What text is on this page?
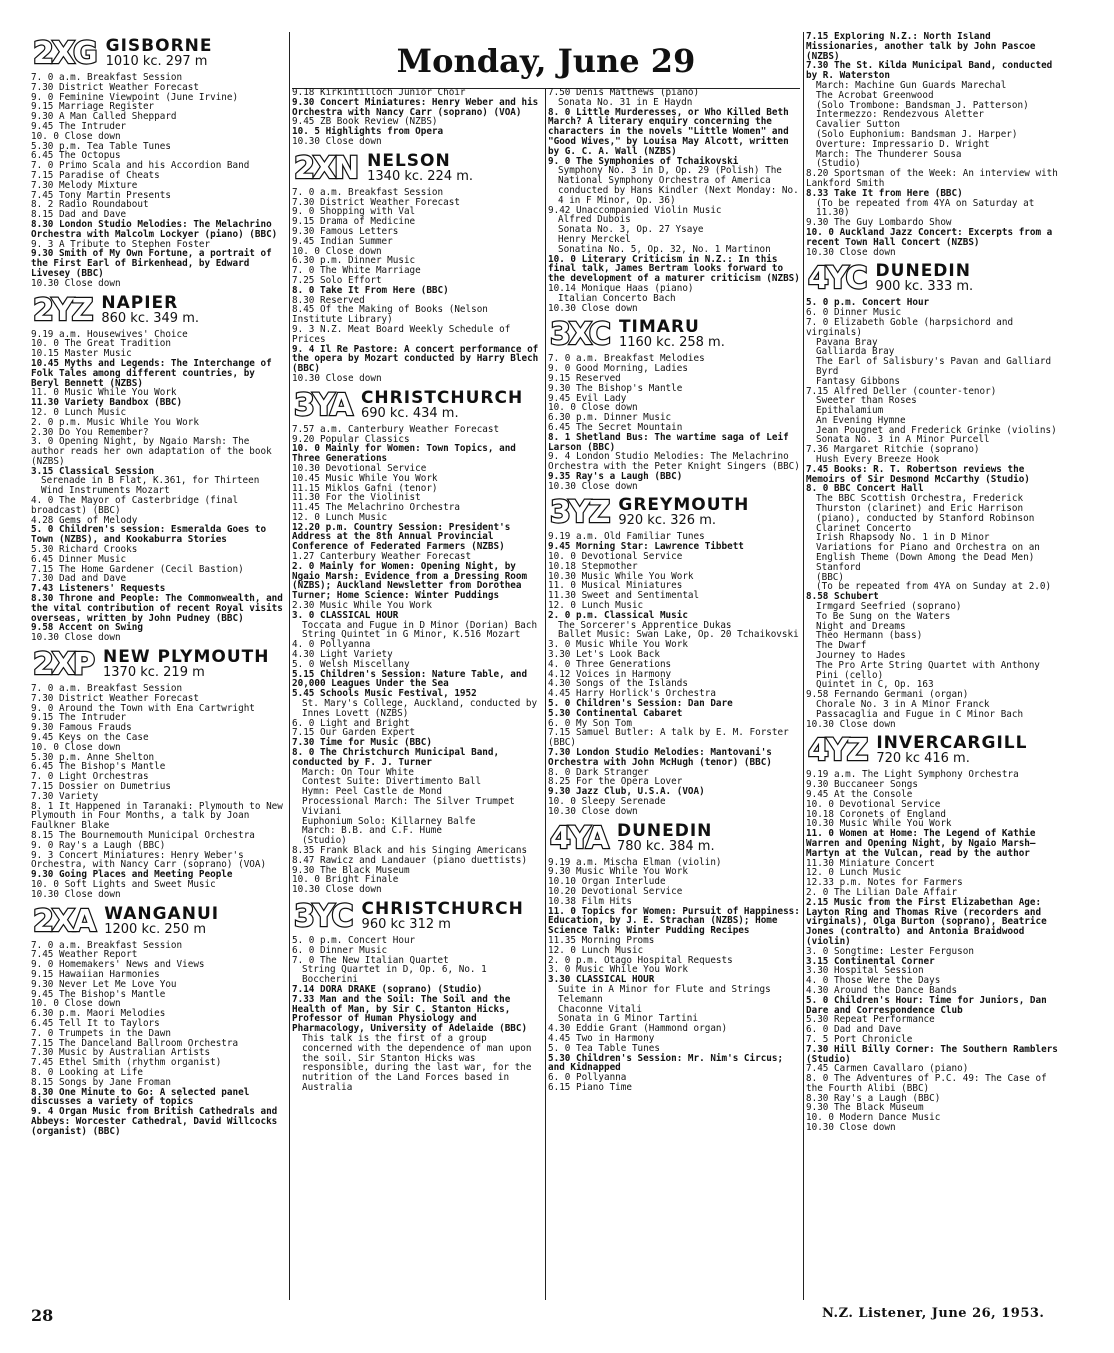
Monday, June 29
2XG GISBORNE
1010 kc. 297 m
7. 0 a.m. Breakfast Session
7.30 District Weather Forecast
9. 0 Feminine Viewpoint (June Irvine)
9.15 Marriage Register
9.30 A Man Called Sheppard
9.45 The Intruder
10. 0 Close down
5.30 p.m. Tea Table Tunes
6.45 The Octopus
7. 0 Primo Scala and his Accordion Band
7.15 Paradise of Cheats
7.30 Melody Mixture
7.45 Tony Martin Presents
8. 2 Radio Roundabout
8.15 Dad and Dave
8.30 London Studio Melodies: The Melachrino Orchestra with Malcolm Lockyer (piano) (BBC)
9. 3 A Tribute to Stephen Foster
9.30 Smith of My Own Fortune, a portrait of the First Earl of Birkenhead, by Edward Livesey (BBC)
10.30 Close down
2YZ NAPIER
860 kc. 349 m.
9.19 a.m. Housewives' Choice
10. 0 The Great Tradition
10.15 Master Music
10.45 Myths and Legends: The Interchange of Folk Tales among different countries, by Beryl Bennett (NZBS)
11. 0 Music While You Work
11.30 Variety Bandbox (BBC)
12. 0 Lunch Music
2. 0 p.m. Music While You Work
2.30 Do You Remember?
3. 0 Opening Night, by Ngaio Marsh: The author reads her own adaptation of the book (NZBS)
3.15 Classical Session
Serenade in B Flat, K.361, for Thirteen Wind Instruments Mozart
4. 0 The Mayor of Casterbridge (final broadcast) (BBC)
4.28 Gems of Melody
5. 0 Children's session: Esmeralda Goes to Town (NZBS), and Kookaburra Stories
5.30 Richard Crooks
6.45 Dinner Music
7.15 The Home Gardener (Cecil Bastion)
7.30 Dad and Dave
7.43 Listeners' Requests
8.30 Throne and People: The Commonwealth, and the vital contribution of recent Royal visits overseas, written by John Pudney (BBC)
9.58 Accent on Swing
10.30 Close down
2XP NEW PLYMOUTH
1370 kc. 219 m
7. 0 a.m. Breakfast Session
7.30 District Weather Forecast
9. 0 Around the Town with Ena Cartwright
9.15 The Intruder
9.30 Famous Frauds
9.45 Keys on the Case
10. 0 Close down
5.30 p.m. Anne Shelton
6.45 The Bishop's Mantle
7. 0 Light Orchestras
7.15 Dossier on Dumetrius
7.30 Variety
8. 1 It Happened in Taranaki: Plymouth to New Plymouth in Four Months, a talk by Joan Faulkner Blake
8.15 The Bournemouth Municipal Orchestra
9. 0 Ray's a Laugh (BBC)
9. 3 Concert Miniatures: Henry Weber's Orchestra, with Nancy Carr (soprano) (VOA)
9.30 Going Places and Meeting People
10. 0 Soft Lights and Sweet Music
10.30 Close down
2XA WANGANUI
1200 kc. 250 m
7. 0 a.m. Breakfast Session
7.45 Weather Report
9. 0 Homemakers' News and Views
9.15 Hawaiian Harmonies
9.30 Never Let Me Love You
9.45 The Bishop's Mantle
10. 0 Close down
6.30 p.m. Maori Melodies
6.45 Tell It to Taylors
7. 0 Trumpets in the Dawn
7.15 The Danceland Ballroom Orchestra
7.30 Music by Australian Artists
7.45 Ethel Smith (rhythm organist)
8. 0 Looking at Life
8.15 Songs by Jane Froman
8.30 One Minute to Go: A selected panel discusses a variety of topics
9. 4 Organ Music from British Cathedrals and Abbeys: Worcester Cathedral, David Willcocks (organist) (BBC)
9.18 Kirkintilloch Junior Choir
9.30 Concert Miniatures: Henry Weber and his Orchestra with Nancy Carr (soprano) (VOA)
9.45 ZB Book Review (NZBS)
10. 5 Highlights from Opera
10.30 Close down
2XN NELSON
1340 kc. 224 m.
7. 0 a.m. Breakfast Session
7.30 District Weather Forecast
9. 0 Shopping with Val
9.15 Drama of Medicine
9.30 Famous Letters
9.45 Indian Summer
10. 0 Close down
6.30 p.m. Dinner Music
7. 0 The White Marriage
7.25 Solo Effort
8. 0 Take It From Here (BBC)
8.30 Reserved
8.45 Of the Making of Books (Nelson Institute Library)
9. 3 N.Z. Meat Board Weekly Schedule of Prices
9. 4 Il Re Pastore: A concert performance of the opera by Mozart conducted by Harry Blech (BBC)
10.30 Close down
3YA CHRISTCHURCH
690 kc. 434 m.
7.57 a.m. Canterbury Weather Forecast
9.20 Popular Classics
10. 0 Mainly for Women: Town Topics, and Three Generations
10.30 Devotional Service
10.45 Music While You Work
11.15 Miklos Gafni (tenor)
11.30 For the Violinist
11.45 The Melachrino Orchestra
12. 0 Lunch Music
12.20 p.m. Country Session: President's Address at the 8th Annual Provincial Conference of Federated Farmers (NZBS)
1.27 Canterbury Weather Forecast
2. 0 Mainly for Women: Opening Night, by Ngaio Marsh: Evidence from a Dressing Room (NZBS); Auckland Newsletter from Dorothea Turner; Home Science: Winter Puddings
2.30 Music While You Work
3. 0 CLASSICAL HOUR
Toccata and Fugue in D Minor (Dorian) Bach
String Quintet in G Minor, K.516 Mozart
4. 0 Pollyanna
4.30 Light Variety
5. 0 Welsh Miscellany
5.15 Children's Session: Nature Table, and 20,000 Leagues Under the Sea
5.45 Schools Music Festival, 1952
St. Mary's College, Auckland, conducted by Innes Lovett (NZBS)
6. 0 Light and Bright
7.15 Our Garden Expert
7.30 Time for Music (BBC)
8. 0 The Christchurch Municipal Band, conducted by F. J. Turner
March: On Tour White
Contest Suite: Divertimento Ball
Hymn: Peel Castle de Mond
Processional March: The Silver Trumpet Viviani
Euphonium Solo: Killarney Balfe
March: B.B. and C.F. Hume
(Studio)
8.35 Frank Black and his Singing Americans
8.47 Rawicz and Landauer (piano duettists)
9.30 The Black Museum
10. 0 Bright Finale
10.30 Close down
3YC CHRISTCHURCH
960 kc 312 m
5. 0 p.m. Concert Hour
6. 0 Dinner Music
7. 0 The New Italian Quartet
String Quartet in D, Op. 6, No. 1 Boccherini
7.14 DORA DRAKE (soprano) (Studio)
7.33 Man and the Soil: The Soil and the Health of Man, by Sir C. Stanton Hicks, Professor of Human Physiology and Pharmacology, University of Adelaide (BBC)
This talk is the first of a group concerned with the dependence of man upon the soil. Sir Stanton Hicks was responsible, during the last war, for the nutrition of the Land Forces based in Australia
7.50 Denis Matthews (piano)
Sonata No. 31 in E Haydn
8. 0 Little Murderesses, or Who Killed Beth March? A literary enquiry concerning the characters in the novels "Little Women" and "Good Wives," by Louisa May Alcott, written by G. C. A. Wall (NZBS)
9. 0 The Symphonies of Tchaikovski
Symphony No. 3 in D, Op. 29 (Polish) The National Symphony Orchestra of America conducted by Hans Kindler (Next Monday: No. 4 in F Minor, Op. 36)
9.42 Unaccompanied Violin Music
Alfred Dubois
Sonata No. 3, Op. 27 Ysaye
Henry Merckel
Sonatina No. 5, Op. 32, No. 1 Martinon
10. 0 Literary Criticism in N.Z.: In this final talk, James Bertram looks forward to the development of a maturer criticism (NZBS)
10.14 Monique Haas (piano)
Italian Concerto Bach
10.30 Close down
3XC TIMARU
1160 kc. 258 m.
7. 0 a.m. Breakfast Melodies
9. 0 Good Morning, Ladies
9.15 Reserved
9.30 The Bishop's Mantle
9.45 Evil Lady
10. 0 Close down
6.30 p.m. Dinner Music
6.45 The Secret Mountain
8. 1 Shetland Bus: The wartime saga of Leif Larson (BBC)
9. 4 London Studio Melodies: The Melachrino Orchestra with the Peter Knight Singers (BBC)
9.35 Ray's a Laugh (BBC)
10.30 Close down
3YZ GREYMOUTH
920 kc. 326 m.
9.19 a.m. Old Familiar Tunes
9.45 Morning Star: Lawrence Tibbett
10. 0 Devotional Service
10.18 Stepmother
10.30 Music While You Work
11. 0 Musical Miniatures
11.30 Sweet and Sentimental
12. 0 Lunch Music
2. 0 p.m. Classical Music
The Sorcerer's Apprentice Dukas
Ballet Music: Swan Lake, Op. 20 Tchaikovski
3. 0 Music While You Work
3.30 Let's Look Back
4. 0 Three Generations
4.12 Voices in Harmony
4.30 Songs of the Islands
4.45 Harry Horlick's Orchestra
5. 0 Children's Session: Dan Dare
5.30 Continental Cabaret
6. 0 My Son Tom
7.15 Samuel Butler: A talk by E. M. Forster (BBC)
7.30 London Studio Melodies: Mantovani's Orchestra with John McHugh (tenor) (BBC)
8. 0 Dark Stranger
8.25 For the Opera Lover
9.30 Jazz Club, U.S.A. (VOA)
10. 0 Sleepy Serenade
10.30 Close down
4YA DUNEDIN
780 kc. 384 m.
9.19 a.m. Mischa Elman (violin)
9.30 Music While You Work
10.10 Organ Interlude
10.20 Devotional Service
10.38 Film Hits
11. 0 Topics for Women: Pursuit of Happiness: Education, by J. E. Strachan (NZBS); Home Science Talk: Winter Pudding Recipes
11.35 Morning Proms
12. 0 Lunch Music
2. 0 p.m. Otago Hospital Requests
3. 0 Music While You Work
3.30 CLASSICAL HOUR
Suite in A Minor for Flute and Strings Telemann
Chaconne Vitali
Sonata in G Minor Tartini
4.30 Eddie Grant (Hammond organ)
4.45 Two in Harmony
5. 0 Tea Table Tunes
5.30 Children's Session: Mr. Nim's Circus; and Kidnapped
6. 0 Pollyanna
6.15 Piano Time
7.15 Exploring N.Z.: North Island Missionaries, another talk by John Pascoe (NZBS)
7.30 The St. Kilda Municipal Band, conducted by R. Waterston
March: Machine Gun Guards Marechal
The Acrobat Greenwood
(Solo Trombone: Bandsman J. Patterson)
Intermezzo: Rendezvous Aletter
Cavalier Sutton
(Solo Euphonium: Bandsman J. Harper)
Overture: Impressario D. Wright
March: The Thunderer Sousa
(Studio)
8.20 Sportsman of the Week: An interview with Lankford Smith
8.33 Take It from Here (BBC)
(To be repeated from 4YA on Saturday at 11.30)
9.30 The Guy Lombardo Show
10. 0 Auckland Jazz Concert: Excerpts from a recent Town Hall Concert (NZBS)
10.30 Close down
4YC DUNEDIN
900 kc. 333 m.
5. 0 p.m. Concert Hour
6. 0 Dinner Music
7. 0 Elizabeth Goble (harpsichord and virginals)
Pavana Bray
Galliarda Bray
The Earl of Salisbury's Pavan and Galliard Byrd
Fantasy Gibbons
7.15 Alfred Deller (counter-tenor)
Sweeter than Roses
Epithalamium
An Evening Hymne
Jean Pougnet and Frederick Grinke (violins)
Sonata No. 3 in A Minor Purcell
7.36 Margaret Ritchie (soprano)
Hush Every Breeze Hook
7.45 Books: R. T. Robertson reviews the Memoirs of Sir Desmond McCarthy (Studio)
8. 0 BBC Concert Hall
The BBC Scottish Orchestra, Frederick Thurston (clarinet) and Eric Harrison (piano), conducted by Stanford Robinson
Clarinet Concerto
Irish Rhapsody No. 1 in D Minor
Variations for Piano and Orchestra on an English Theme (Down Among the Dead Men) Stanford
(BBC)
(To be repeated from 4YA on Sunday at 2.0)
8.58 Schubert
Irmgard Seefried (soprano)
To Be Sung on the Waters
Night and Dreams
Theo Hermann (bass)
The Dwarf
Journey to Hades
The Pro Arte String Quartet with Anthony Pini (cello)
Quintet in C, Op. 163
9.58 Fernando Germani (organ)
Chorale No. 3 in A Minor Franck
Passacaglia and Fugue in C Minor Bach
10.30 Close down
4YZ INVERCARGILL
720 kc 416 m.
9.19 a.m. The Light Symphony Orchestra
9.30 Buccaneer Songs
9.45 At the Console
10. 0 Devotional Service
10.18 Coronets of England
10.30 Music While You Work
11. 0 Women at Home: The Legend of Kathie Warren and Opening Night, by Ngaio Marsh—Martyn at the Vulcan, read by the author
11.30 Miniature Concert
12. 0 Lunch Music
12.33 p.m. Notes for Farmers
2. 0 The Lilian Dale Affair
2.15 Music from the First Elizabethan Age: Layton Ring and Thomas Rive (recorders and virginals), Olga Burton (soprano), Beatrice Jones (contralto) and Antonia Braidwood (violin)
3. 0 Songtime: Lester Ferguson
3.15 Continental Corner
3.30 Hospital Session
4. 0 Those Were the Days
4.30 Around the Dance Bands
5. 0 Children's Hour: Time for Juniors, Dan Dare and Correspondence Club
5.30 Repeat Performance
6. 0 Dad and Dave
7. 5 Port Chronicle
7.30 Hill Billy Corner: The Southern Ramblers (Studio)
7.45 Carmen Cavallaro (piano)
8. 0 The Adventures of P.C. 49: The Case of the Fourth Alibi (BBC)
8.30 Ray's a Laugh (BBC)
9.30 The Black Museum
10. 0 Modern Dance Music
10.30 Close down
28	N.Z. Listener, June 26, 1953.
